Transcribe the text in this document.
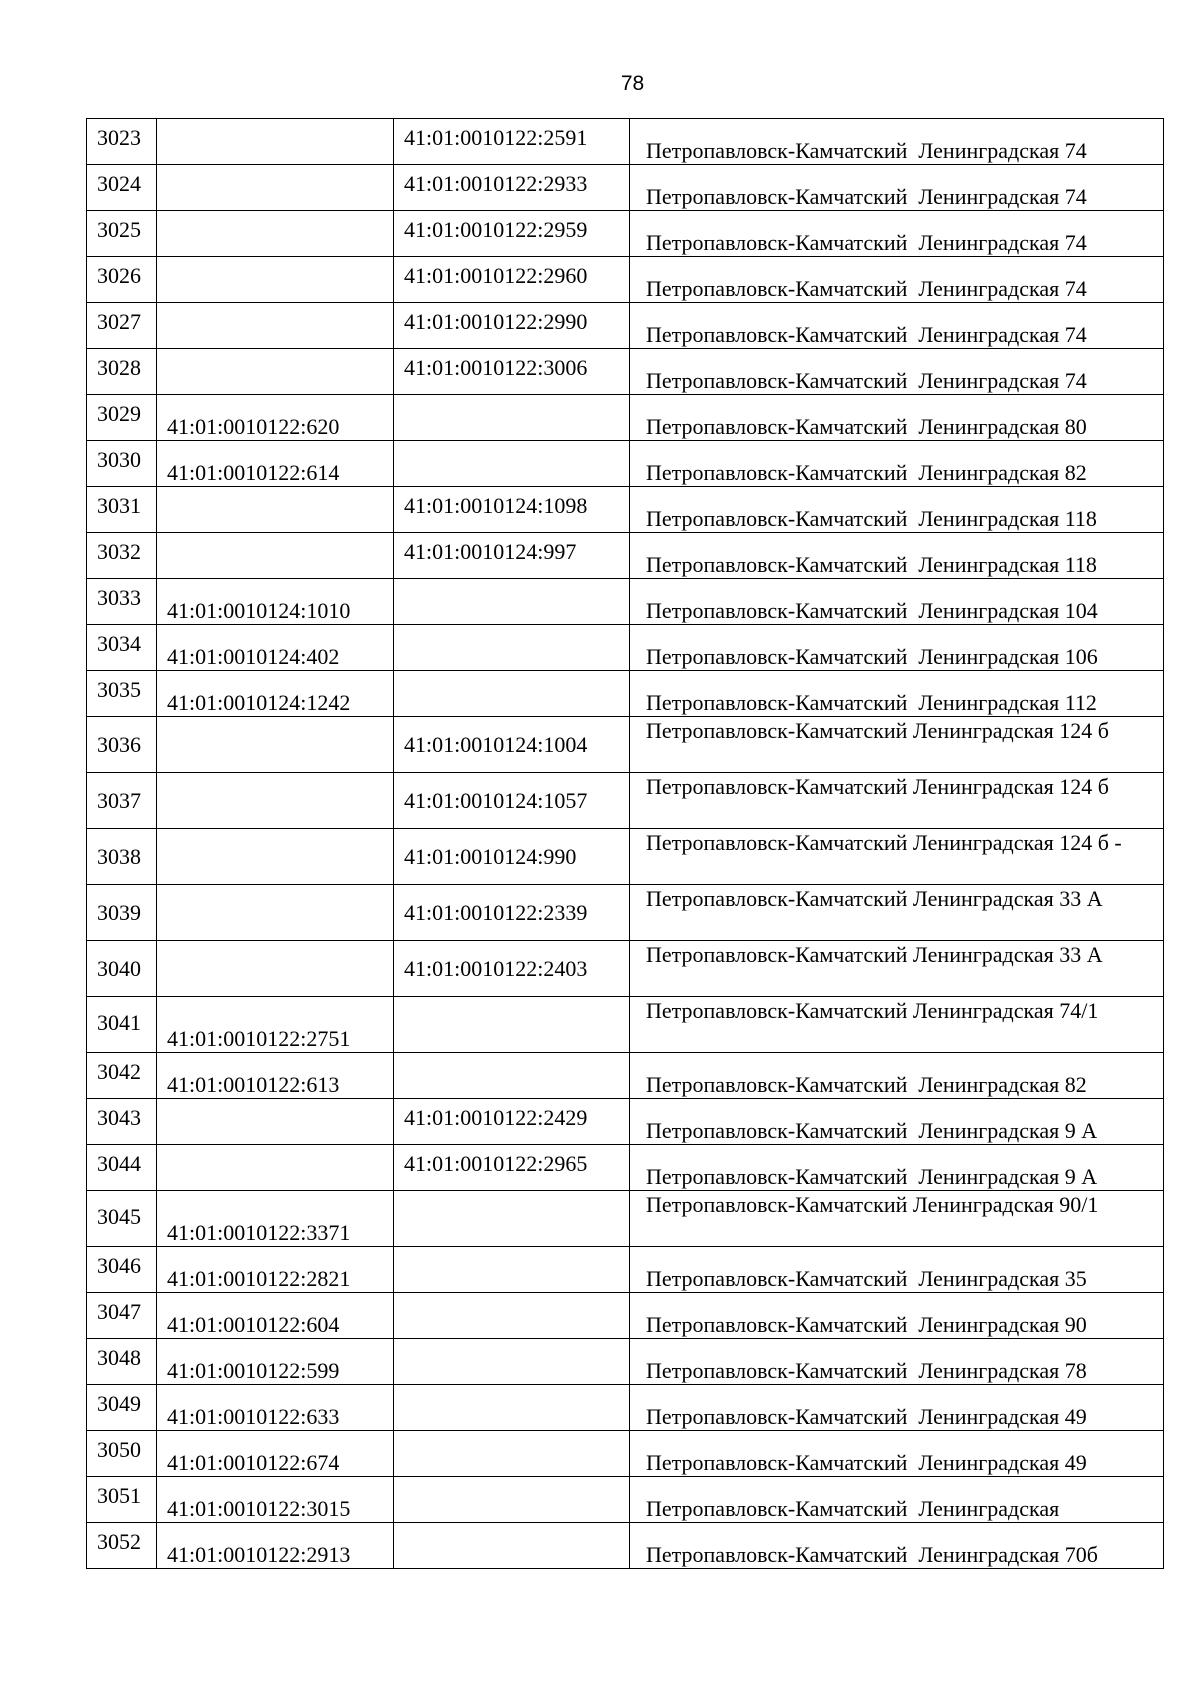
78
3023		41:01:0010122:2591	Петропавловск-Камчатский  Ленинградская 74

3024		41:01:0010122:2933	Петропавловск-Камчатский  Ленинградская 74

3025		41:01:0010122:2959	Петропавловск-Камчатский  Ленинградская 74

3026		41:01:0010122:2960	Петропавловск-Камчатский  Ленинградская 74

3027		41:01:0010122:2990	Петропавловск-Камчатский  Ленинградская 74

3028		41:01:0010122:3006	Петропавловск-Камчатский  Ленинградская 74

3029	41:01:0010122:620		Петропавловск-Камчатский  Ленинградская 80

3030	41:01:0010122:614		Петропавловск-Камчатский  Ленинградская 82

3031		41:01:0010124:1098	Петропавловск-Камчатский  Ленинградская 118

3032		41:01:0010124:997	Петропавловск-Камчатский  Ленинградская 118

3033	41:01:0010124:1010		Петропавловск-Камчатский  Ленинградская 104

3034	41:01:0010124:402		Петропавловск-Камчатский  Ленинградская 106

3035	41:01:0010124:1242		Петропавловск-Камчатский  Ленинградская 112

3036		41:01:0010124:1004	Петропавловск-Камчатский Ленинградская 124 б

3037		41:01:0010124:1057	Петропавловск-Камчатский Ленинградская 124 б

3038		41:01:0010124:990	Петропавловск-Камчатский Ленинградская 124 б -

3039		41:01:0010122:2339	Петропавловск-Камчатский Ленинградская 33 А

3040		41:01:0010122:2403	Петропавловск-Камчатский Ленинградская 33 А

3041	41:01:0010122:2751		Петропавловск-Камчатский Ленинградская 74/1

3042	41:01:0010122:613		Петропавловск-Камчатский  Ленинградская 82

3043		41:01:0010122:2429	Петропавловск-Камчатский  Ленинградская 9 А

3044		41:01:0010122:2965	Петропавловск-Камчатский  Ленинградская 9 А

3045	41:01:0010122:3371		Петропавловск-Камчатский Ленинградская 90/1

3046	41:01:0010122:2821		Петропавловск-Камчатский  Ленинградская 35

3047	41:01:0010122:604		Петропавловск-Камчатский  Ленинградская 90

3048	41:01:0010122:599		Петропавловск-Камчатский  Ленинградская 78

3049	41:01:0010122:633		Петропавловск-Камчатский  Ленинградская 49

3050	41:01:0010122:674		Петропавловск-Камчатский  Ленинградская 49

3051	41:01:0010122:3015		Петропавловск-Камчатский  Ленинградская

3052	41:01:0010122:2913		Петропавловск-Камчатский  Ленинградская 70б
